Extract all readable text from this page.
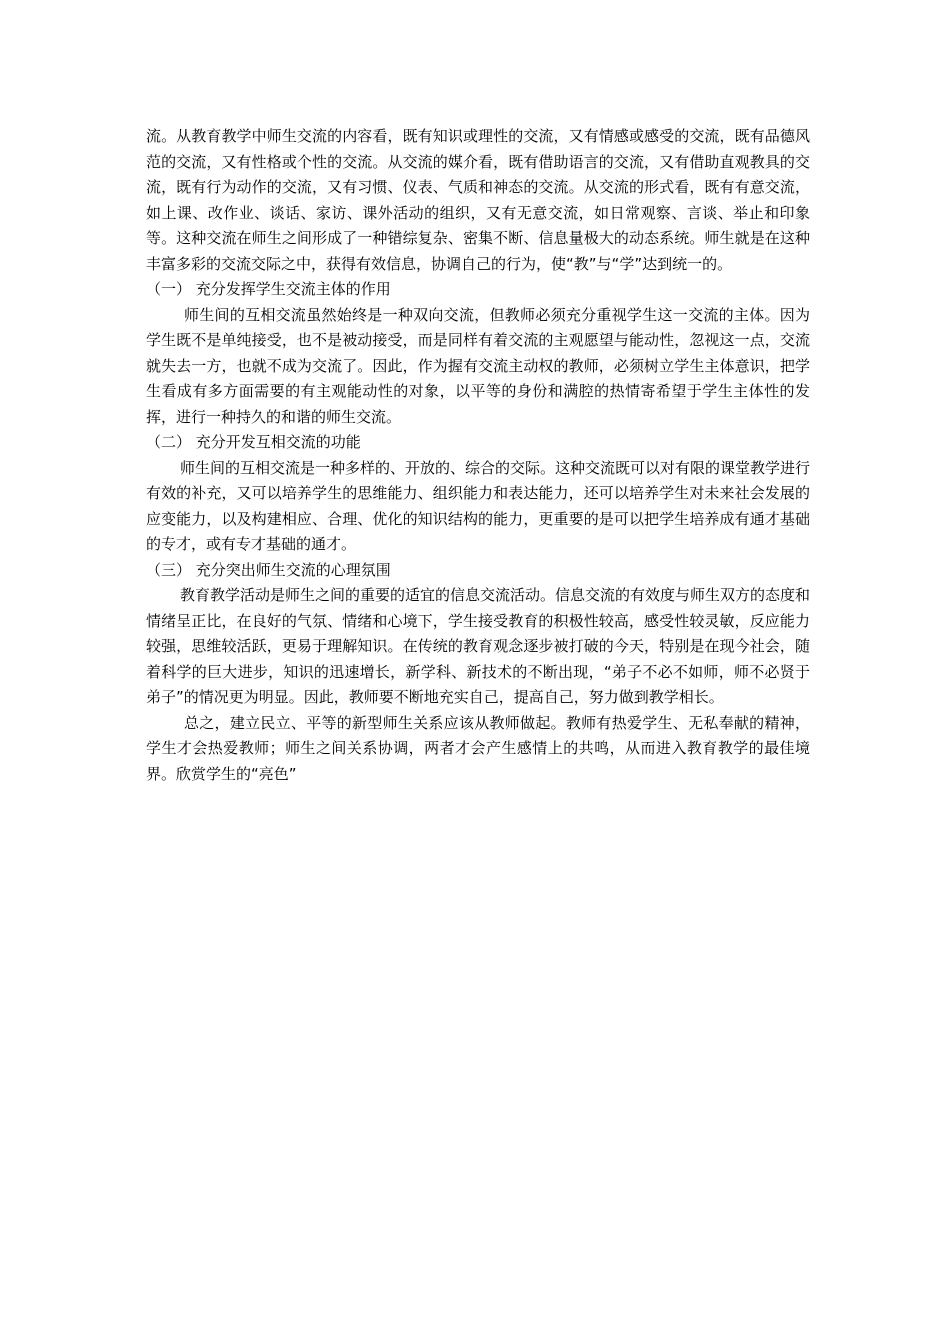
流。从教育教学中师生交流的内容看，既有知识或理性的交流，又有情感或感受的交流，既有品德风范的交流，又有性格或个性的交流。从交流的媒介看，既有借助语言的交流，又有借助直观教具的交流，既有行为动作的交流，又有习惯、仪表、气质和神态的交流。从交流的形式看，既有有意交流，如上课、改作业、谈话、家访、课外活动的组织，又有无意交流，如日常观察、言谈、举止和印象等。这种交流在师生之间形成了一种错综复杂、密集不断、信息量极大的动态系统。师生就是在这种丰富多彩的交流交际之中，获得有效信息，协调自己的行为，使“教”与“学”达到统一的。

（一） 充分发挥学生交流主体的作用

师生间的互相交流虽然始终是一种双向交流，但教师必须充分重视学生这一交流的主体。因为学生既不是单纯接受，也不是被动接受，而是同样有着交流的主观愿望与能动性，忽视这一点，交流就失去一方，也就不成为交流了。因此，作为握有交流主动权的教师，必须树立学生主体意识，把学生看成有多方面需要的有主观能动性的对象，以平等的身份和满腔的热情寄希望于学生主体性的发挥，进行一种持久的和谐的师生交流。

（二） 充分开发互相交流的功能

师生间的互相交流是一种多样的、开放的、综合的交际。这种交流既可以对有限的课堂教学进行有效的补充，又可以培养学生的思维能力、组织能力和表达能力，还可以培养学生对未来社会发展的应变能力，以及构建相应、合理、优化的知识结构的能力，更重要的是可以把学生培养成有通才基础的专才，或有专才基础的通才。

（三） 充分突出师生交流的心理氛围

教育教学活动是师生之间的重要的适宜的信息交流活动。信息交流的有效度与师生双方的态度和情绪呈正比，在良好的气氛、情绪和心境下，学生接受教育的积极性较高，感受性较灵敏，反应能力较强，思维较活跃，更易于理解知识。在传统的教育观念逐步被打破的今天，特别是在现今社会，随着科学的巨大进步，知识的迅速增长，新学科、新技术的不断出现，“弟子不必不如师，师不必贤于弟子”的情况更为明显。因此，教师要不断地充实自己，提高自己，努力做到教学相长。

总之，建立民立、平等的新型师生关系应该从教师做起。教师有热爱学生、无私奉献的精神，学生才会热爱教师；师生之间关系协调，两者才会产生感情上的共鸣，从而进入教育教学的最佳境界。欣赏学生的“亮色”
